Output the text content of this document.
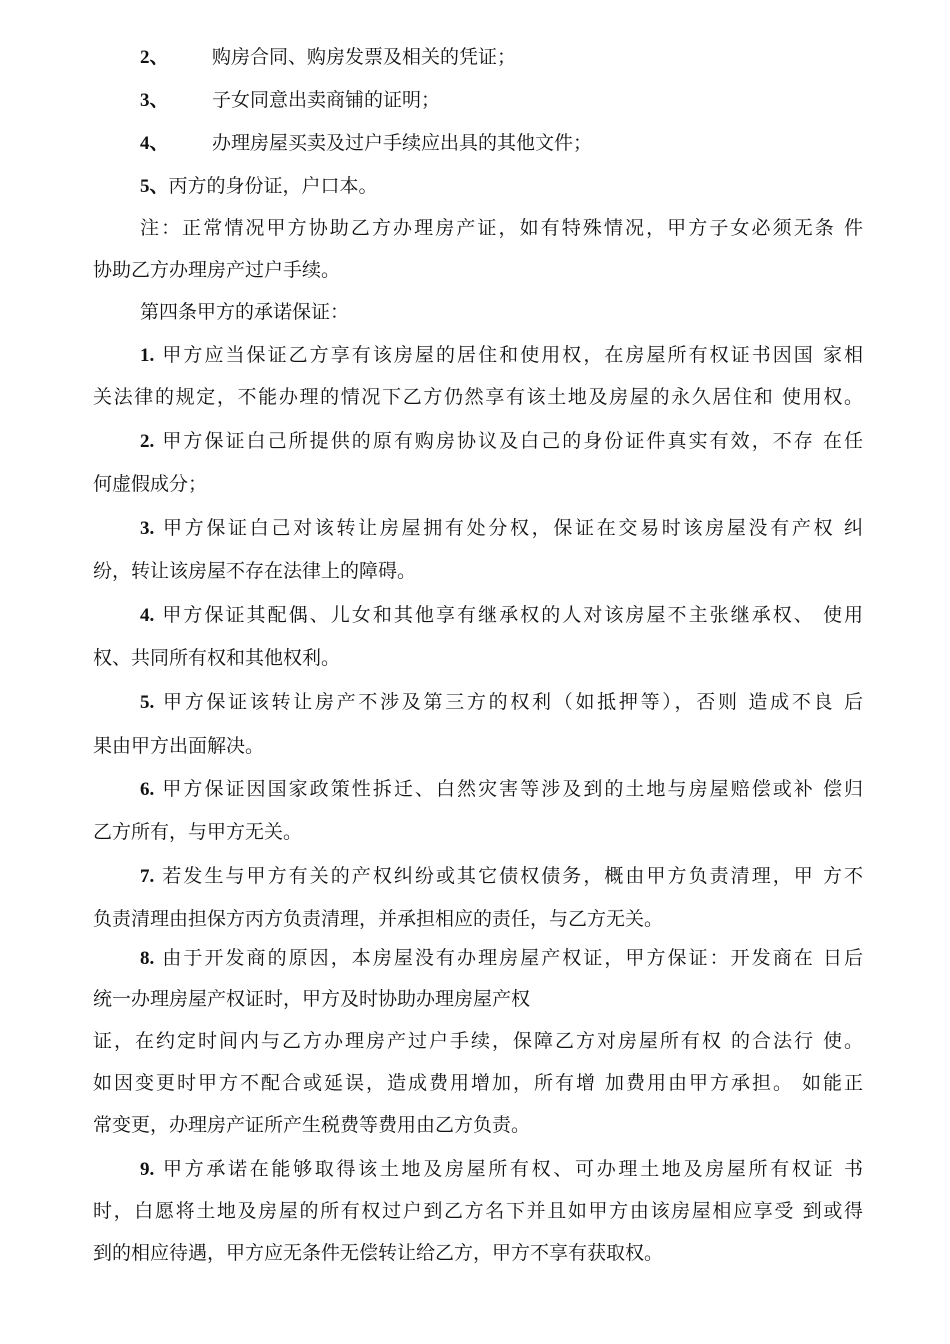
2、 购房合同、购房发票及相关的凭证；
3、 子女同意出卖商铺的证明；
4、 办理房屋买卖及过户手续应出具的其他文件；
5、丙方的身份证，户口本。
注：正常情况甲方协助乙方办理房产证，如有特殊情况，甲方子女必须无条 件
协助乙方办理房产过户手续。
第四条甲方的承诺保证：
1. 甲方应当保证乙方享有该房屋的居住和使用权，在房屋所有权证书因国 家相
关法律的规定，不能办理的情况下乙方仍然享有该土地及房屋的永久居住和 使用权。
2. 甲方保证白己所提供的原有购房协议及白己的身份证件真实有效，不存 在任
何虚假成分；
3. 甲方保证白己对该转让房屋拥有处分权，保证在交易时该房屋没有产权 纠
纷，转让该房屋不存在法律上的障碍。
4. 甲方保证其配偶、儿女和其他享有继承权的人对该房屋不主张继承权、 使用
权、共同所有权和其他权利。
5. 甲方保证该转让房产不涉及第三方的权利（如抵押等），否则 造成不良 后
果由甲方出面解决。
6. 甲方保证因国家政策性拆迁、白然灾害等涉及到的土地与房屋赔偿或补 偿归
乙方所有，与甲方无关。
7. 若发生与甲方有关的产权纠纷或其它债权债务，概由甲方负责清理，甲 方不
负责清理由担保方丙方负责清理，并承担相应的责任，与乙方无关。
8. 由于开发商的原因，本房屋没有办理房屋产权证，甲方保证：开发商在 日后
统一办理房屋产权证时，甲方及时协助办理房屋产权
证，在约定时间内与乙方办理房产过户手续，保障乙方对房屋所有权 的合法行 使。
如因变更时甲方不配合或延误，造成费用增加，所有增 加费用由甲方承担。 如能正
常变更，办理房产证所产生税费等费用由乙方负责。
9. 甲方承诺在能够取得该土地及房屋所有权、可办理土地及房屋所有权证 书
时，白愿将土地及房屋的所有权过户到乙方名下并且如甲方由该房屋相应享受 到或得
到的相应待遇，甲方应无条件无偿转让给乙方，甲方不享有获取权。
